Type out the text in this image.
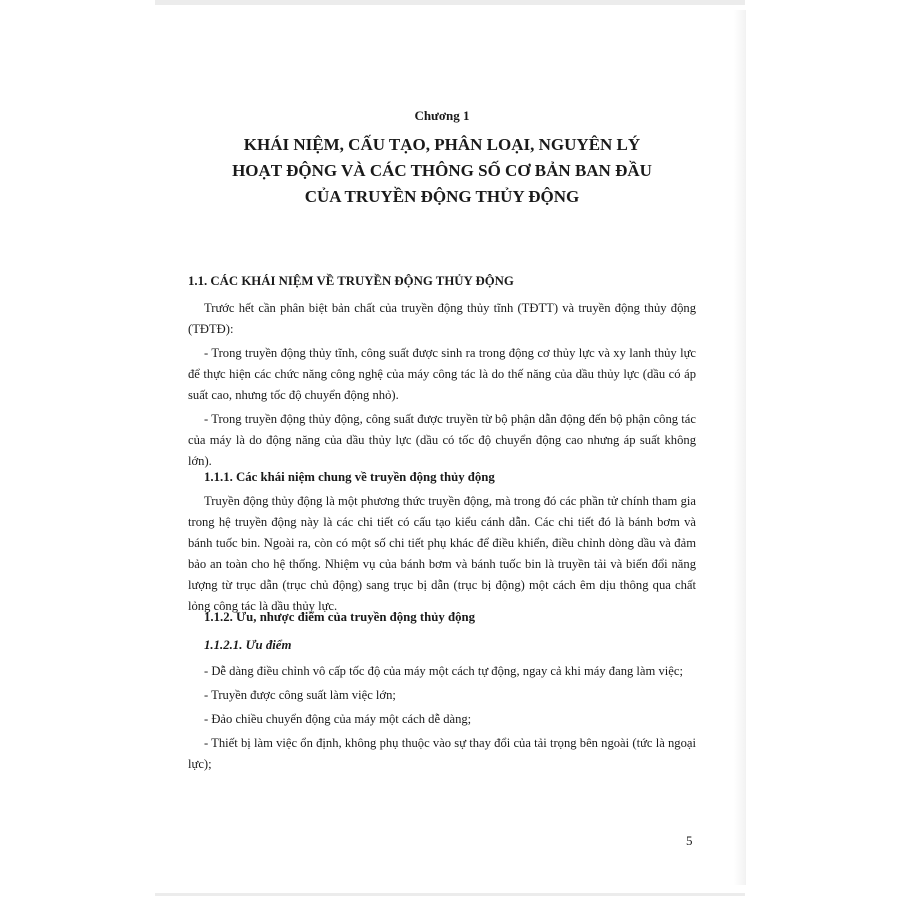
Chương 1
KHÁI NIỆM, CẤU TẠO, PHÂN LOẠI, NGUYÊN LÝ
HOẠT ĐỘNG VÀ CÁC THÔNG SỐ CƠ BẢN BAN ĐẦU
CỦA TRUYỀN ĐỘNG THỦY ĐỘNG

1.1. CÁC KHÁI NIỆM VỀ TRUYỀN ĐỘNG THỦY ĐỘNG

Trước hết cần phân biệt bản chất của truyền động thủy tĩnh (TĐTT) và truyền động thủy động (TĐTĐ):

- Trong truyền động thủy tĩnh, công suất được sinh ra trong động cơ thủy lực và xy lanh thủy lực để thực hiện các chức năng công nghệ của máy công tác là do thế năng của dầu thủy lực (dầu có áp suất cao, nhưng tốc độ chuyển động nhỏ).

- Trong truyền động thủy động, công suất được truyền từ bộ phận dẫn động đến bộ phận công tác của máy là do động năng của dầu thủy lực (dầu có tốc độ chuyển động cao nhưng áp suất không lớn).

1.1.1. Các khái niệm chung về truyền động thủy động

Truyền động thủy động là một phương thức truyền động, mà trong đó các phần tử chính tham gia trong hệ truyền động này là các chi tiết có cấu tạo kiểu cánh dẫn. Các chi tiết đó là bánh bơm và bánh tuốc bin. Ngoài ra, còn có một số chi tiết phụ khác để điều khiển, điều chỉnh dòng dầu và đảm bảo an toàn cho hệ thống. Nhiệm vụ của bánh bơm và bánh tuốc bin là truyền tải và biến đổi năng lượng từ trục dẫn (trục chủ động) sang trục bị dẫn (trục bị động) một cách êm dịu thông qua chất lỏng công tác là dầu thủy lực.

1.1.2. Ưu, nhược điểm của truyền động thủy động

1.1.2.1. Ưu điểm

- Dễ dàng điều chỉnh vô cấp tốc độ của máy một cách tự động, ngay cả khi máy đang làm việc;

- Truyền được công suất làm việc lớn;

- Đảo chiều chuyển động của máy một cách dễ dàng;

- Thiết bị làm việc ổn định, không phụ thuộc vào sự thay đổi của tải trọng bên ngoài (tức là ngoại lực);

5
